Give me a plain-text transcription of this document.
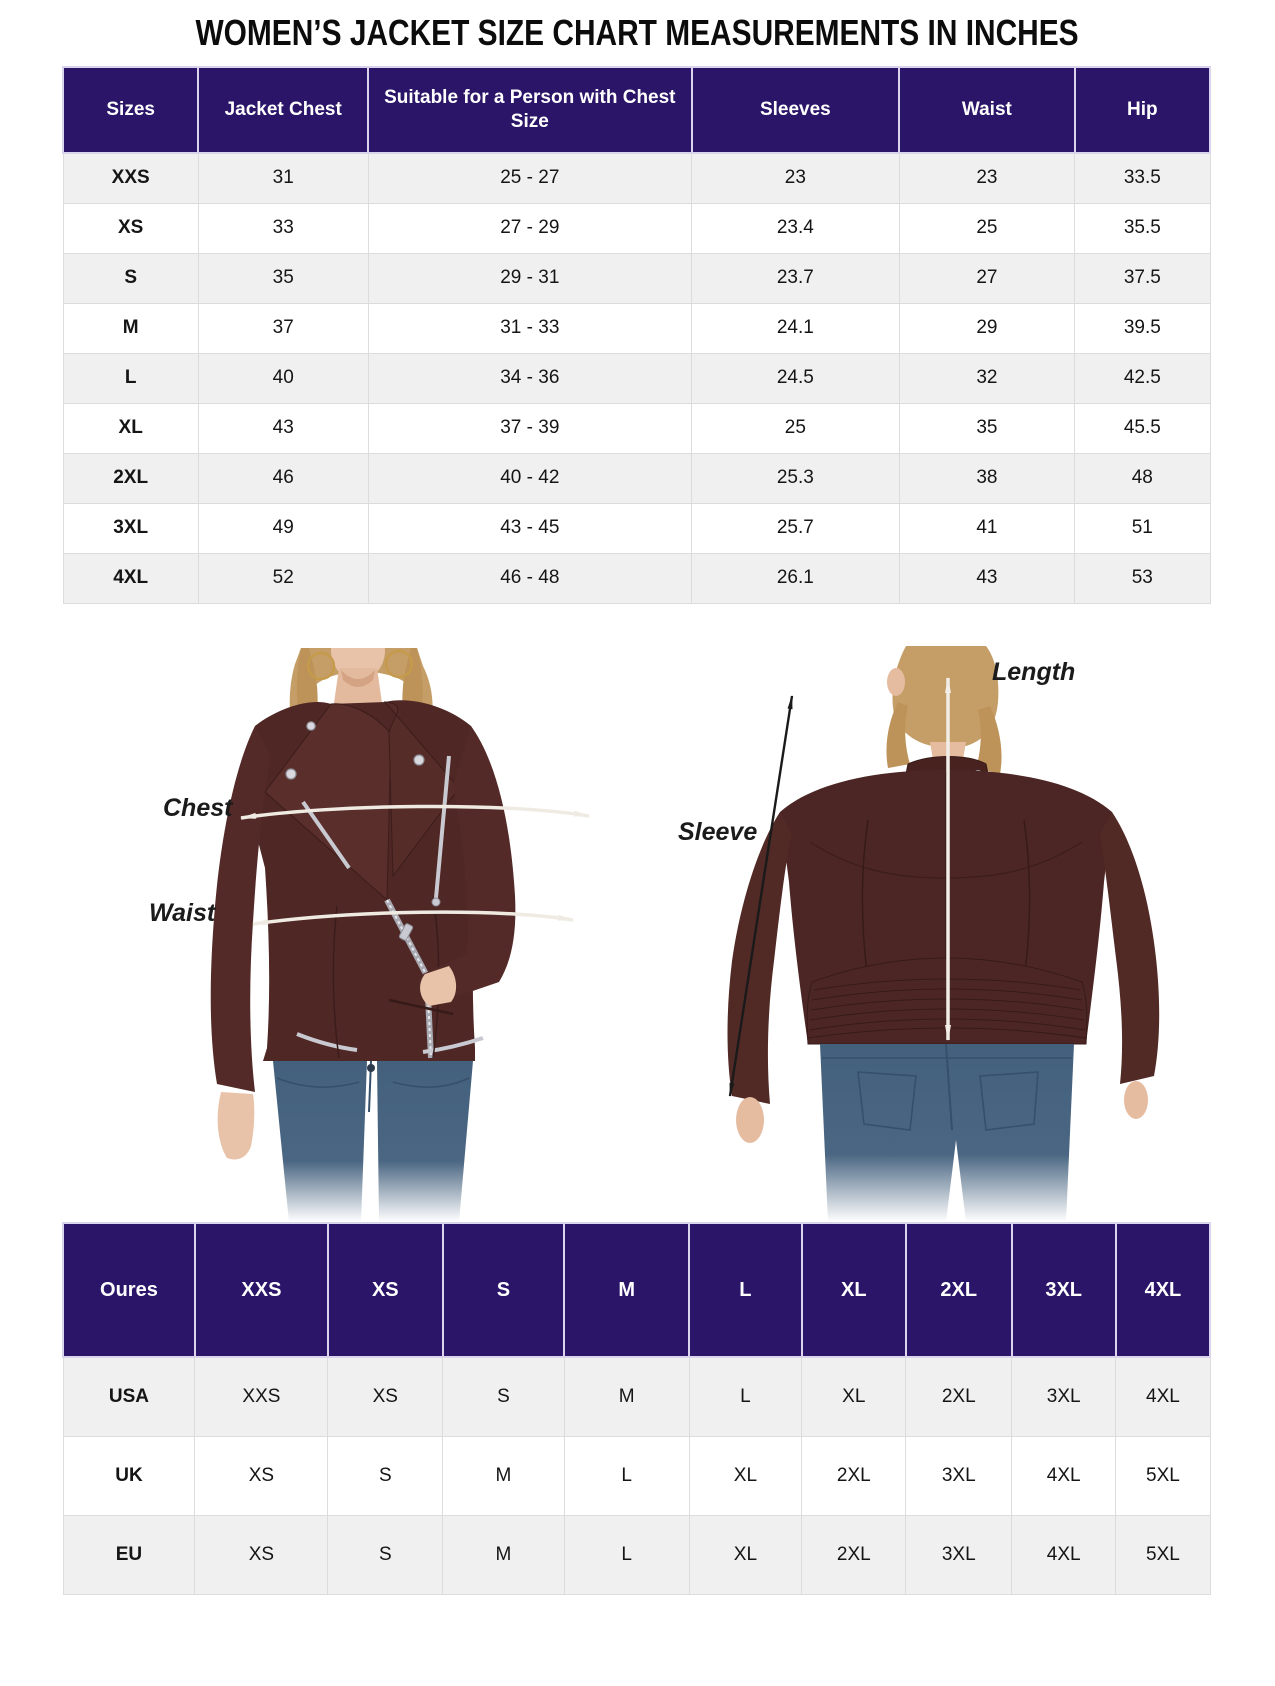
WOMEN’S JACKET SIZE CHART MEASUREMENTS IN INCHES
Sizes	Jacket Chest	Suitable for a Person with Chest Size	Sleeves	Waist	Hip
XXS	31	25 - 27	23	23	33.5
XS	33	27 - 29	23.4	25	35.5
S	35	29 - 31	23.7	27	37.5
M	37	31 - 33	24.1	29	39.5
L	40	34 - 36	24.5	32	42.5
XL	43	37 - 39	25	35	45.5
2XL	46	40 - 42	25.3	38	48
3XL	49	43 - 45	25.7	41	51
4XL	52	46 - 48	26.1	43	53
Chest
Waist
Sleeve
Length
Oures	XXS	XS	S	M	L	XL	2XL	3XL	4XL
USA	XXS	XS	S	M	L	XL	2XL	3XL	4XL
UK	XS	S	M	L	XL	2XL	3XL	4XL	5XL
EU	XS	S	M	L	XL	2XL	3XL	4XL	5XL
